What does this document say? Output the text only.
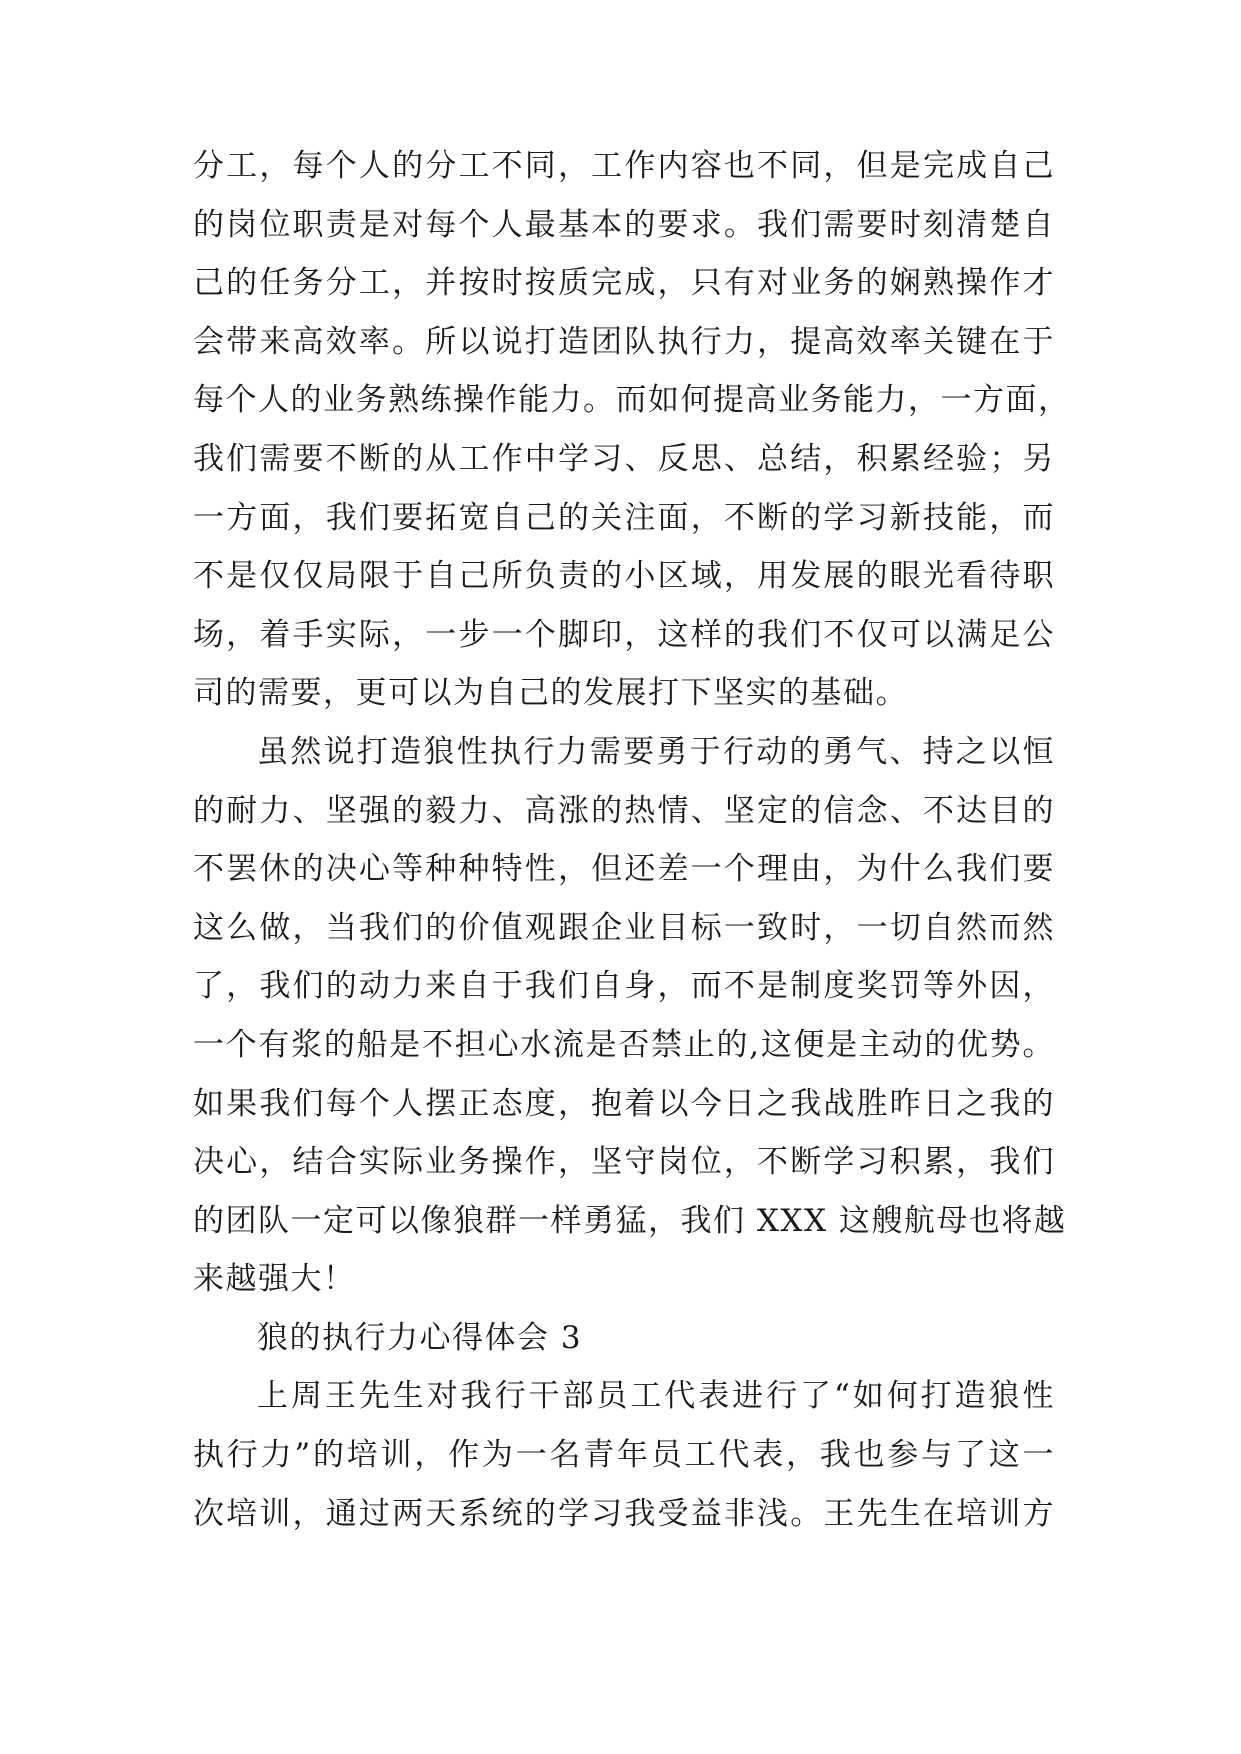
分工，每个人的分工不同，工作内容也不同，但是完成自己
的岗位职责是对每个人最基本的要求。我们需要时刻清楚自
己的任务分工，并按时按质完成，只有对业务的娴熟操作才
会带来高效率。所以说打造团队执行力，提高效率关键在于
每个人的业务熟练操作能力。而如何提高业务能力，一方面，
我们需要不断的从工作中学习、反思、总结，积累经验；另
一方面，我们要拓宽自己的关注面，不断的学习新技能，而
不是仅仅局限于自己所负责的小区域，用发展的眼光看待职
场，着手实际，一步一个脚印，这样的我们不仅可以满足公
司的需要，更可以为自己的发展打下坚实的基础。
虽然说打造狼性执行力需要勇于行动的勇气、持之以恒
的耐力、坚强的毅力、高涨的热情、坚定的信念、不达目的
不罢休的决心等种种特性，但还差一个理由，为什么我们要
这么做，当我们的价值观跟企业目标一致时，一切自然而然
了，我们的动力来自于我们自身，而不是制度奖罚等外因，
一个有浆的船是不担心水流是否禁止的,这便是主动的优势。
如果我们每个人摆正态度，抱着以今日之我战胜昨日之我的
决心，结合实际业务操作，坚守岗位，不断学习积累，我们
的团队一定可以像狼群一样勇猛，我们 XXX 这艘航母也将越
来越强大！
狼的执行力心得体会 3
上周王先生对我行干部员工代表进行了“如何打造狼性
执行力”的培训，作为一名青年员工代表，我也参与了这一
次培训，通过两天系统的学习我受益非浅。王先生在培训方
